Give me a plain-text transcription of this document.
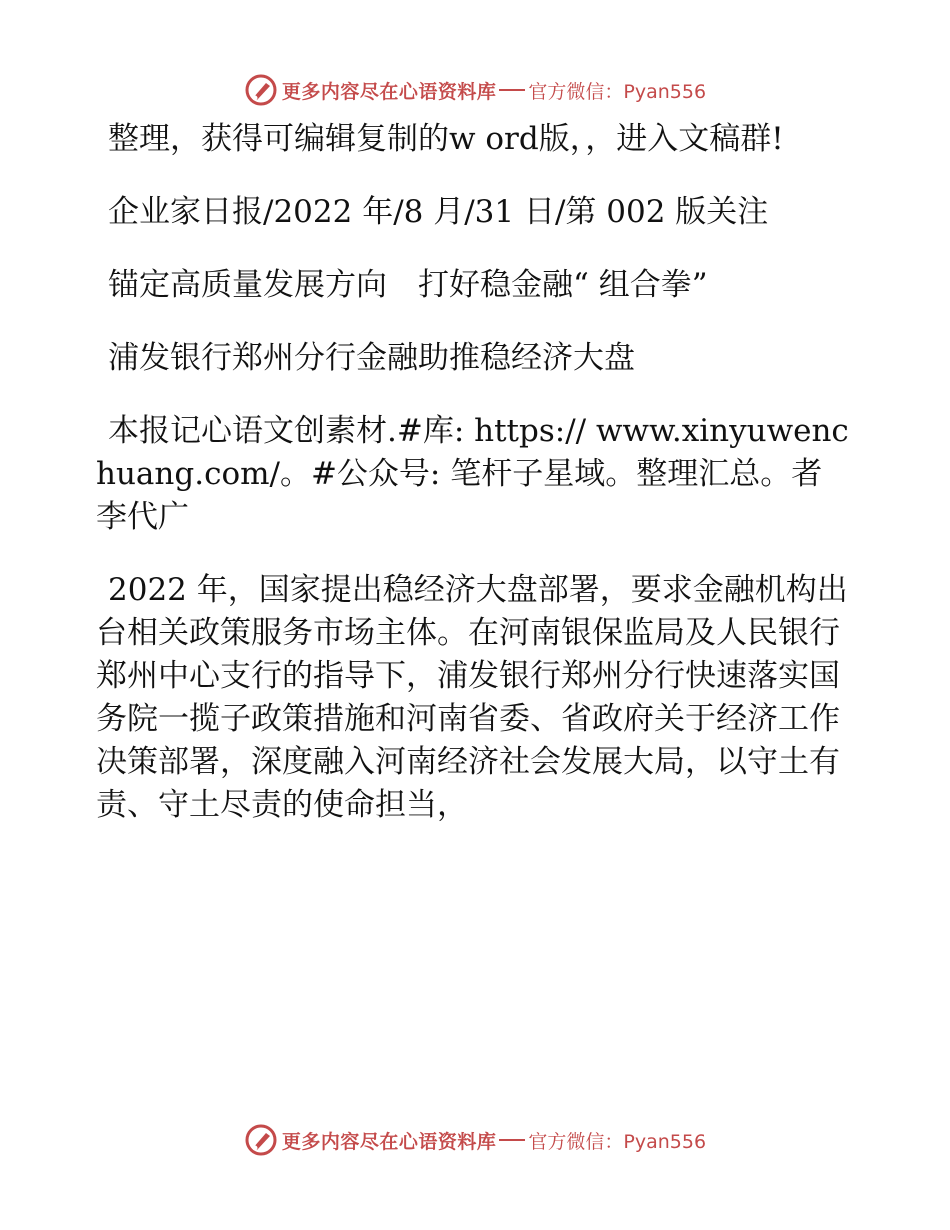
更多内容尽在心语资料库 官方微信：Pyan556

整理，获得可编辑复制的w ord版，，进入文稿群!

企业家日报/2022 年/8 月/31 日/第 002 版关注

锚定高质量发展方向　打好稳金融“ 组合拳”

浦发银行郑州分行金融助推稳经济大盘

本报记心语文创素材.#库: https:// www.xinyuwenchuang.com/。#公众号: 笔杆子星域。整理汇总。者　李代广

2022 年，国家提出稳经济大盘部署，要求金融机构出台相关政策服务市场主体。在河南银保监局及人民银行郑州中心支行的指导下，浦发银行郑州分行快速落实国务院一揽子政策措施和河南省委、省政府关于经济工作决策部署，深度融入河南经济社会发展大局，以守土有责、守土尽责的使命担当，

更多内容尽在心语资料库 官方微信：Pyan556
